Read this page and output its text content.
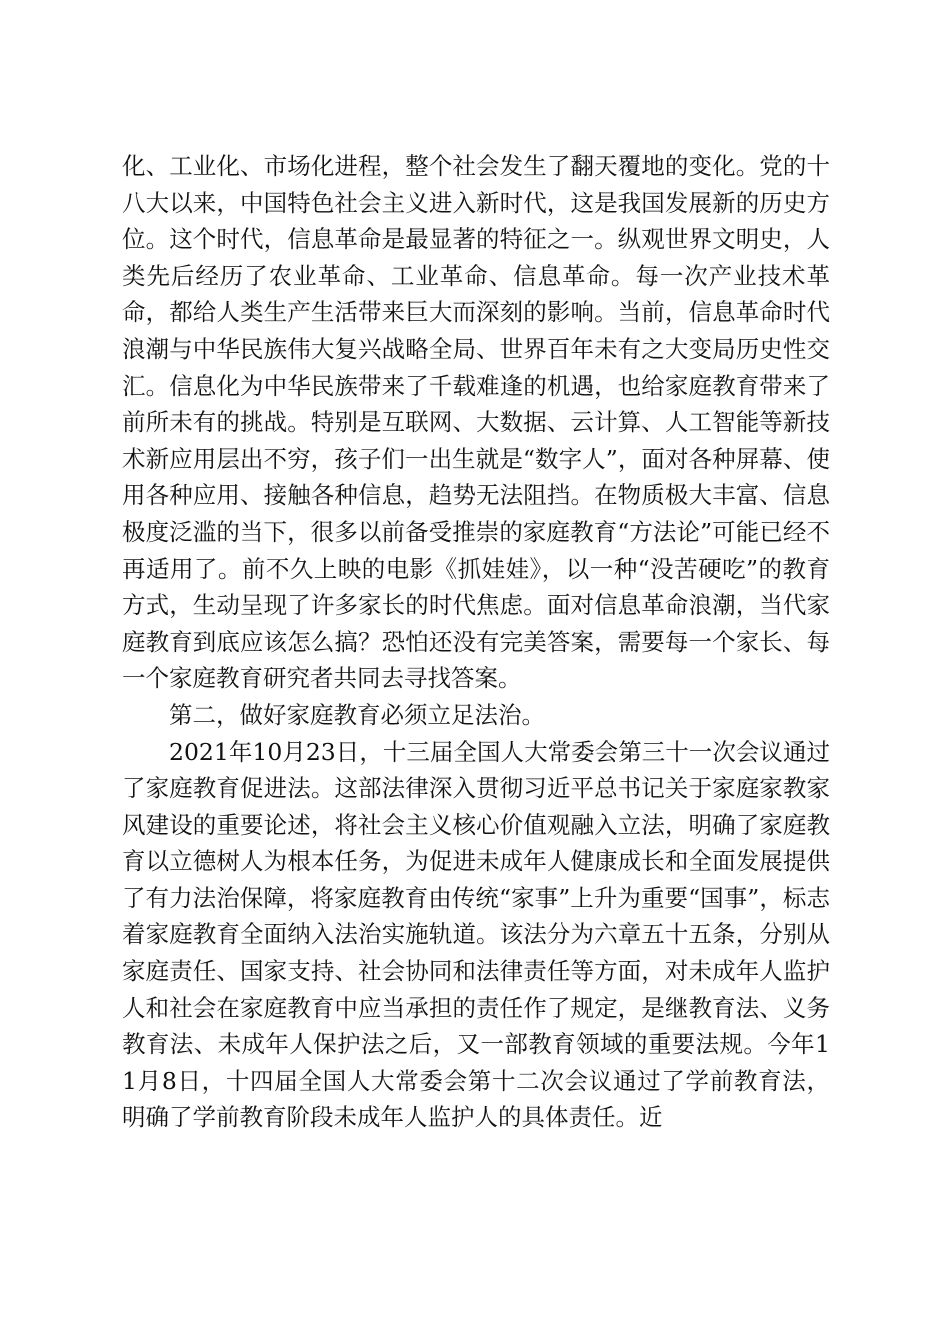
化、工业化、市场化进程，整个社会发生了翻天覆地的变化。党的十八大以来，中国特色社会主义进入新时代，这是我国发展新的历史方位。这个时代，信息革命是最显著的特征之一。纵观世界文明史，人类先后经历了农业革命、工业革命、信息革命。每一次产业技术革命，都给人类生产生活带来巨大而深刻的影响。当前，信息革命时代浪潮与中华民族伟大复兴战略全局、世界百年未有之大变局历史性交汇。信息化为中华民族带来了千载难逢的机遇，也给家庭教育带来了前所未有的挑战。特别是互联网、大数据、云计算、人工智能等新技术新应用层出不穷，孩子们一出生就是“数字人”，面对各种屏幕、使用各种应用、接触各种信息，趋势无法阻挡。在物质极大丰富、信息极度泛滥的当下，很多以前备受推崇的家庭教育“方法论”可能已经不再适用了。前不久上映的电影《抓娃娃》，以一种“没苦硬吃”的教育方式，生动呈现了许多家长的时代焦虑。面对信息革命浪潮，当代家庭教育到底应该怎么搞？恐怕还没有完美答案，需要每一个家长、每一个家庭教育研究者共同去寻找答案。

第二，做好家庭教育必须立足法治。

2021年10月23日，十三届全国人大常委会第三十一次会议通过了家庭教育促进法。这部法律深入贯彻习近平总书记关于家庭家教家风建设的重要论述，将社会主义核心价值观融入立法，明确了家庭教育以立德树人为根本任务，为促进未成年人健康成长和全面发展提供了有力法治保障，将家庭教育由传统“家事”上升为重要“国事”，标志着家庭教育全面纳入法治实施轨道。该法分为六章五十五条，分别从家庭责任、国家支持、社会协同和法律责任等方面，对未成年人监护人和社会在家庭教育中应当承担的责任作了规定，是继教育法、义务教育法、未成年人保护法之后，又一部教育领域的重要法规。今年11月8日，十四届全国人大常委会第十二次会议通过了学前教育法，明确了学前教育阶段未成年人监护人的具体责任。近
